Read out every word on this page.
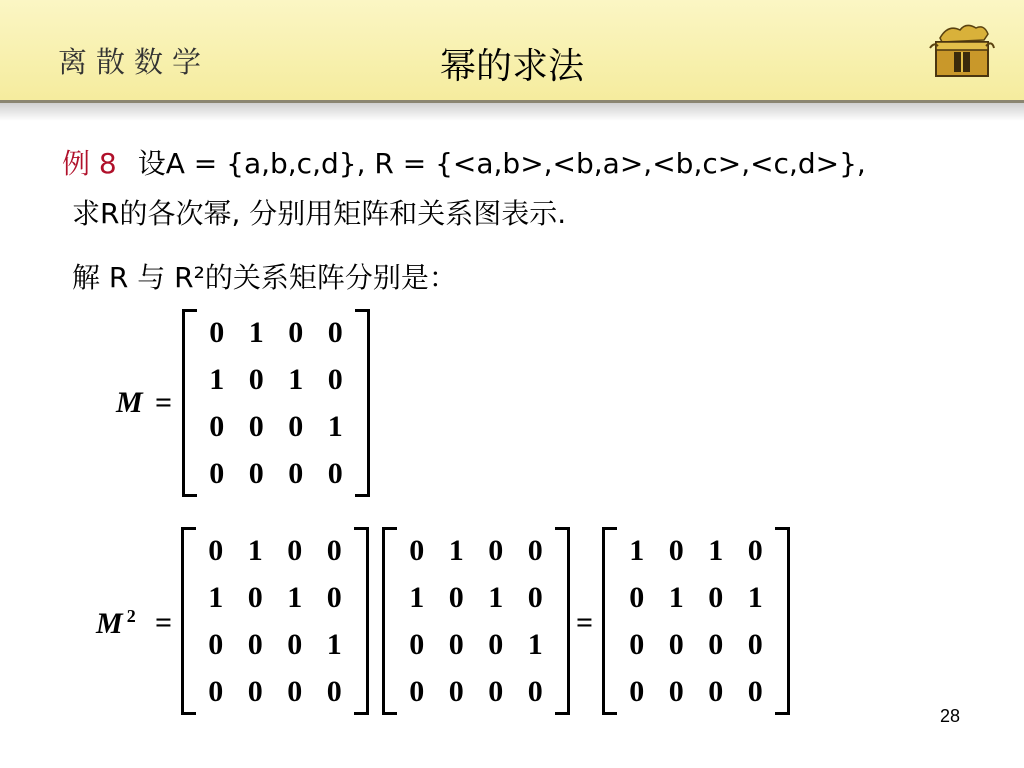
离散数学	幂的求法
例 8 设A = {a,b,c,d}, R = {<a,b>,<b,a>,<b,c>,<c,d>},
求R的各次幂, 分别用矩阵和关系图表示.
解 R 与 R²的关系矩阵分别是：
M =
0 1 0 0
1 0 1 0
0 0 0 1
0 0 0 0
M $^2$ =
0 1 0 0
1 0 1 0
0 0 0 1
0 0 0 0
0 1 0 0
1 0 1 0
0 0 0 1
0 0 0 0
=
1 0 1 0
0 1 0 1
0 0 0 0
0 0 0 0
28
